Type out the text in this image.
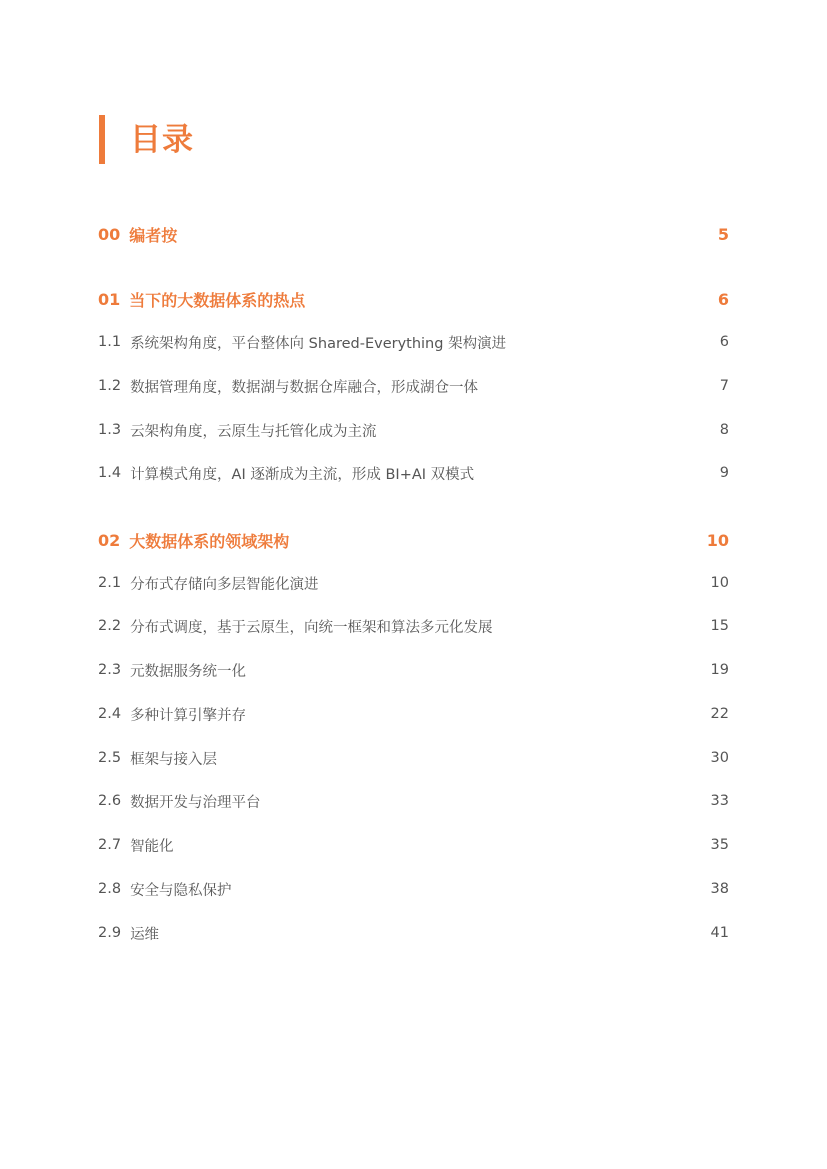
目录
00 编者按	5
01 当下的大数据体系的热点	6
1.1 系统架构角度，平台整体向 Shared-Everything 架构演进	6
1.2 数据管理角度，数据湖与数据仓库融合，形成湖仓一体	7
1.3 云架构角度，云原生与托管化成为主流	8
1.4 计算模式角度，AI 逐渐成为主流，形成 BI+AI 双模式	9
02 大数据体系的领域架构	10
2.1 分布式存储向多层智能化演进	10
2.2 分布式调度，基于云原生，向统一框架和算法多元化发展	15
2.3 元数据服务统一化	19
2.4 多种计算引擎并存	22
2.5 框架与接入层	30
2.6 数据开发与治理平台	33
2.7 智能化	35
2.8 安全与隐私保护	38
2.9 运维	41
